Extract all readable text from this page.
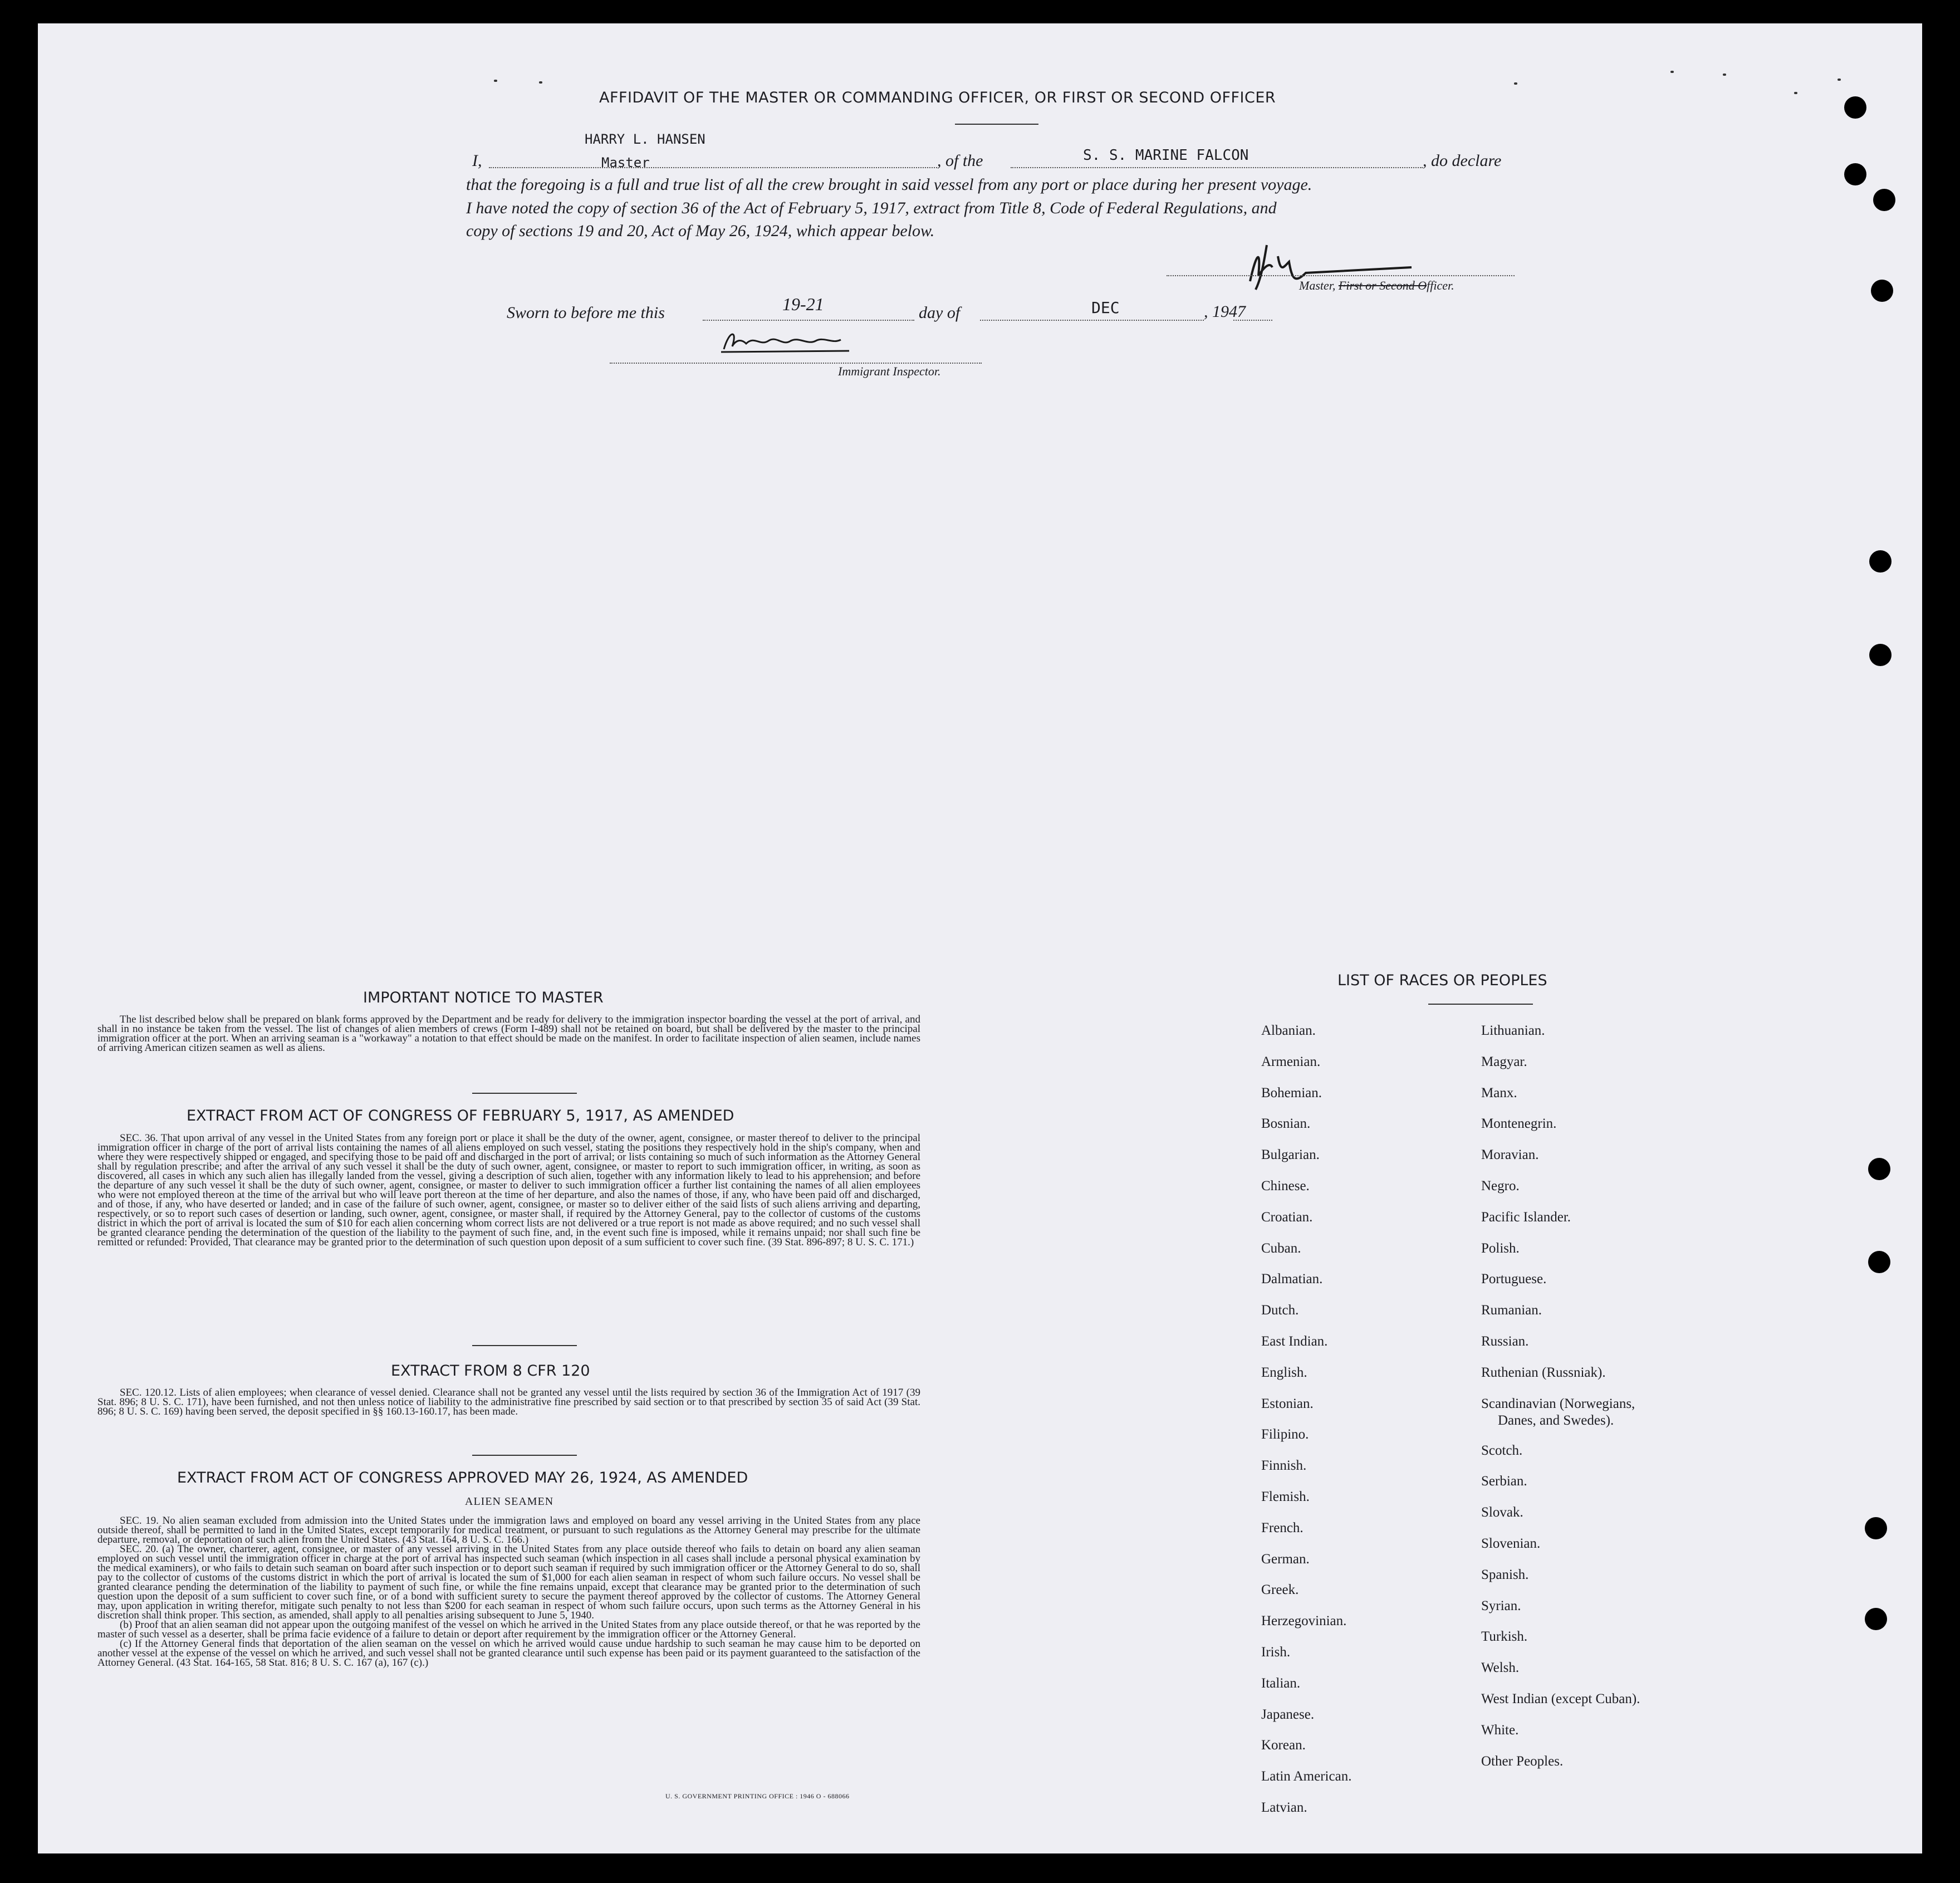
AFFIDAVIT OF THE MASTER OR COMMANDING OFFICER, OR FIRST OR SECOND OFFICER
HARRY L. HANSEN
I,	Master	, of the	S. S. MARINE FALCON	, do declare
that the foregoing is a full and true list of all the crew brought in said vessel from any port or place during her present voyage.
I have noted the copy of section 36 of the Act of February 5, 1917, extract from Title 8, Code of Federal Regulations, and
copy of sections 19 and 20, Act of May 26, 1924, which appear below.
Master, First or Second Officer.
Sworn to before me this	19-21	day of	DEC	, 1947
Immigrant Inspector.
IMPORTANT NOTICE TO MASTER
The list described below shall be prepared on blank forms approved by the Department and be ready for delivery to the immigration inspector boarding the vessel at the port of arrival, and shall in no instance be taken from the vessel. The list of changes of alien members of crews (Form I-489) shall not be retained on board, but shall be delivered by the master to the principal immigration officer at the port. When an arriving seaman is a "workaway" a notation to that effect should be made on the manifest. In order to facilitate inspection of alien seamen, include names of arriving American citizen seamen as well as aliens.
EXTRACT FROM ACT OF CONGRESS OF FEBRUARY 5, 1917, AS AMENDED
SEC. 36. That upon arrival of any vessel in the United States from any foreign port or place it shall be the duty of the owner, agent, consignee, or master thereof to deliver to the principal immigration officer in charge of the port of arrival lists containing the names of all aliens employed on such vessel, stating the positions they respectively hold in the ship's company, when and where they were respectively shipped or engaged, and specifying those to be paid off and discharged in the port of arrival; or lists containing so much of such information as the Attorney General shall by regulation prescribe; and after the arrival of any such vessel it shall be the duty of such owner, agent, consignee, or master to report to such immigration officer, in writing, as soon as discovered, all cases in which any such alien has illegally landed from the vessel, giving a description of such alien, together with any information likely to lead to his apprehension; and before the departure of any such vessel it shall be the duty of such owner, agent, consignee, or master to deliver to such immigration officer a further list containing the names of all alien employees who were not employed thereon at the time of the arrival but who will leave port thereon at the time of her departure, and also the names of those, if any, who have been paid off and discharged, and of those, if any, who have deserted or landed; and in case of the failure of such owner, agent, consignee, or master so to deliver either of the said lists of such aliens arriving and departing, respectively, or so to report such cases of desertion or landing, such owner, agent, consignee, or master shall, if required by the Attorney General, pay to the collector of customs of the customs district in which the port of arrival is located the sum of $10 for each alien concerning whom correct lists are not delivered or a true report is not made as above required; and no such vessel shall be granted clearance pending the determination of the question of the liability to the payment of such fine, and, in the event such fine is imposed, while it remains unpaid; nor shall such fine be remitted or refunded: Provided, That clearance may be granted prior to the determination of such question upon deposit of a sum sufficient to cover such fine. (39 Stat. 896-897; 8 U. S. C. 171.)
EXTRACT FROM 8 CFR 120
SEC. 120.12. Lists of alien employees; when clearance of vessel denied. Clearance shall not be granted any vessel until the lists required by section 36 of the Immigration Act of 1917 (39 Stat. 896; 8 U. S. C. 171), have been furnished, and not then unless notice of liability to the administrative fine prescribed by said section or to that prescribed by section 35 of said Act (39 Stat. 896; 8 U. S. C. 169) having been served, the deposit specified in §§ 160.13-160.17, has been made.
EXTRACT FROM ACT OF CONGRESS APPROVED MAY 26, 1924, AS AMENDED
ALIEN SEAMEN
SEC. 19. No alien seaman excluded from admission into the United States under the immigration laws and employed on board any vessel arriving in the United States from any place outside thereof, shall be permitted to land in the United States, except temporarily for medical treatment, or pursuant to such regulations as the Attorney General may prescribe for the ultimate departure, removal, or deportation of such alien from the United States. (43 Stat. 164, 8 U. S. C. 166.)
SEC. 20. (a) The owner, charterer, agent, consignee, or master of any vessel arriving in the United States from any place outside thereof who fails to detain on board any alien seaman employed on such vessel until the immigration officer in charge at the port of arrival has inspected such seaman (which inspection in all cases shall include a personal physical examination by the medical examiners), or who fails to detain such seaman on board after such inspection or to deport such seaman if required by such immigration officer or the Attorney General to do so, shall pay to the collector of customs of the customs district in which the port of arrival is located the sum of $1,000 for each alien seaman in respect of whom such failure occurs. No vessel shall be granted clearance pending the determination of the liability to payment of such fine, or while the fine remains unpaid, except that clearance may be granted prior to the determination of such question upon the deposit of a sum sufficient to cover such fine, or of a bond with sufficient surety to secure the payment thereof approved by the collector of customs. The Attorney General may, upon application in writing therefor, mitigate such penalty to not less than $200 for each seaman in respect of whom such failure occurs, upon such terms as the Attorney General in his discretion shall think proper. This section, as amended, shall apply to all penalties arising subsequent to June 5, 1940.
(b) Proof that an alien seaman did not appear upon the outgoing manifest of the vessel on which he arrived in the United States from any place outside thereof, or that he was reported by the master of such vessel as a deserter, shall be prima facie evidence of a failure to detain or deport after requirement by the immigration officer or the Attorney General.
(c) If the Attorney General finds that deportation of the alien seaman on the vessel on which he arrived would cause undue hardship to such seaman he may cause him to be deported on another vessel at the expense of the vessel on which he arrived, and such vessel shall not be granted clearance until such expense has been paid or its payment guaranteed to the satisfaction of the Attorney General. (43 Stat. 164-165, 58 Stat. 816; 8 U. S. C. 167 (a), 167 (c).)
U. S. GOVERNMENT PRINTING OFFICE : 1946 O - 688066
LIST OF RACES OR PEOPLES
Albanian.
Armenian.
Bohemian.
Bosnian.
Bulgarian.
Chinese.
Croatian.
Cuban.
Dalmatian.
Dutch.
East Indian.
English.
Estonian.
Filipino.
Finnish.
Flemish.
French.
German.
Greek.
Herzegovinian.
Irish.
Italian.
Japanese.
Korean.
Latin American.
Latvian.
Lithuanian.
Magyar.
Manx.
Montenegrin.
Moravian.
Negro.
Pacific Islander.
Polish.
Portuguese.
Rumanian.
Russian.
Ruthenian (Russniak).
Scandinavian (Norwegians,
Danes, and Swedes).
Scotch.
Serbian.
Slovak.
Slovenian.
Spanish.
Syrian.
Turkish.
Welsh.
West Indian (except Cuban).
White.
Other Peoples.
